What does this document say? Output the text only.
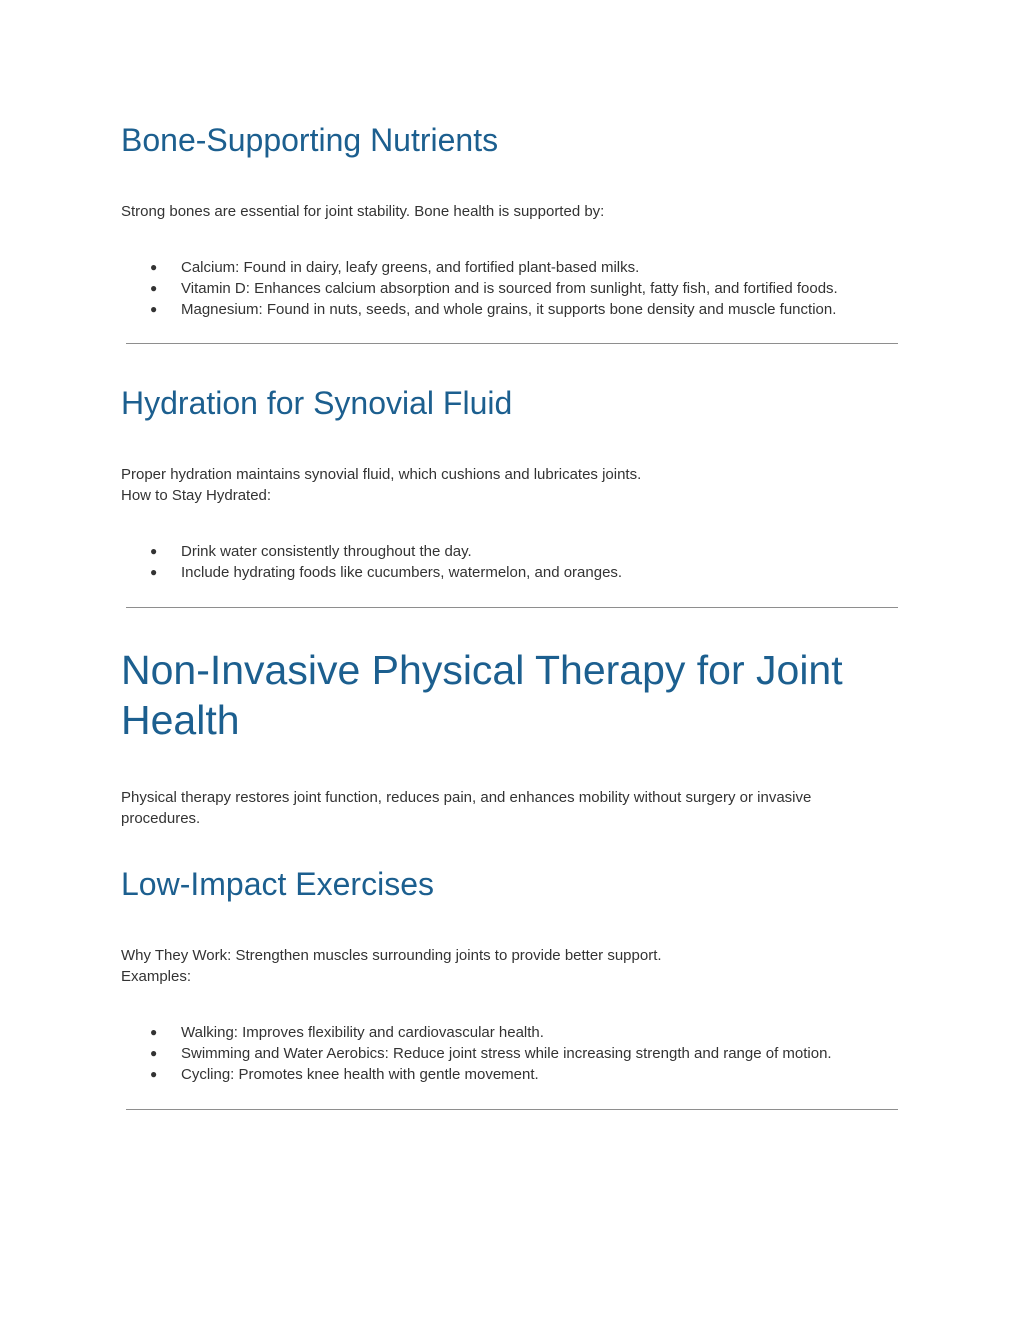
Bone-Supporting Nutrients

Strong bones are essential for joint stability. Bone health is supported by:

● Calcium: Found in dairy, leafy greens, and fortified plant-based milks.
● Vitamin D: Enhances calcium absorption and is sourced from sunlight, fatty fish, and fortified foods.
● Magnesium: Found in nuts, seeds, and whole grains, it supports bone density and muscle function.
Hydration for Synovial Fluid

Proper hydration maintains synovial fluid, which cushions and lubricates joints.
How to Stay Hydrated:

● Drink water consistently throughout the day.
● Include hydrating foods like cucumbers, watermelon, and oranges.
Non-Invasive Physical Therapy for Joint Health

Physical therapy restores joint function, reduces pain, and enhances mobility without surgery or invasive procedures.

Low-Impact Exercises

Why They Work: Strengthen muscles surrounding joints to provide better support.
Examples:

● Walking: Improves flexibility and cardiovascular health.
● Swimming and Water Aerobics: Reduce joint stress while increasing strength and range of motion.
● Cycling: Promotes knee health with gentle movement.
